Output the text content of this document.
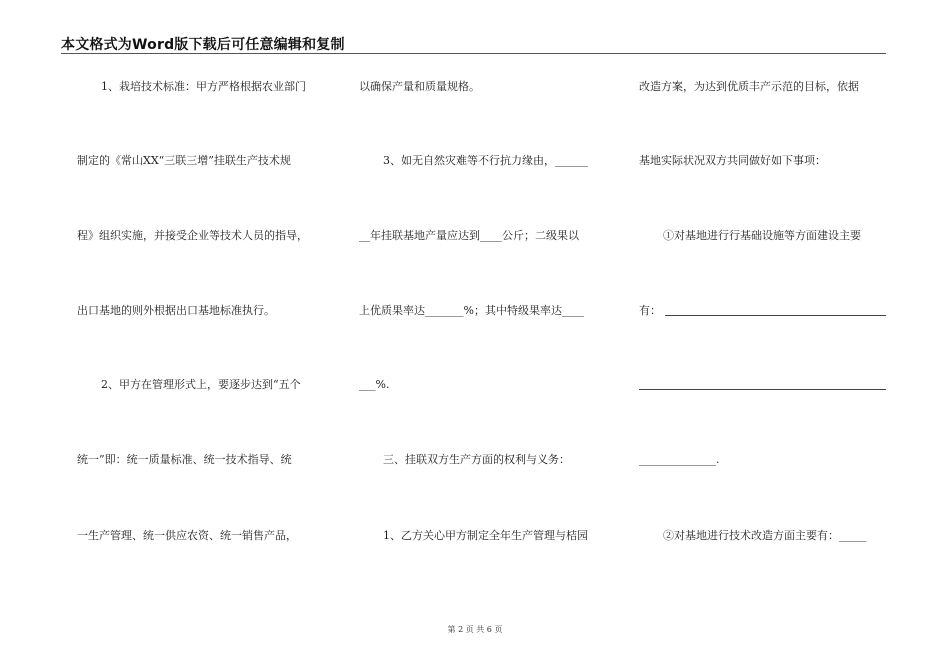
本文格式为Word版下载后可任意编辑和复制
1、栽培技术标准：甲方严格根据农业部门
制定的《常山XX“三联三增”挂联生产技术规
程》组织实施，并接受企业等技术人员的指导，
出口基地的则外根据出口基地标准执行。
2、甲方在管理形式上，要逐步达到“五个
统一”即：统一质量标准、统一技术指导、统
一生产管理、统一供应农资、统一销售产品，
以确保产量和质量规格。
3、如无自然灾难等不行抗力缘由，______
__年挂联基地产量应达到____公斤；二级果以
上优质果率达_______%；其中特级果率达____
___%.
三、挂联双方生产方面的权利与义务：
1、乙方关心甲方制定全年生产管理与桔园
改造方案，为达到优质丰产示范的目标，依据
基地实际状况双方共同做好如下事项：
①对基地进行行基础设施等方面建设主要
有：
______________.
②对基地进行技术改造方面主要有：_____
第 2 页 共 6 页
